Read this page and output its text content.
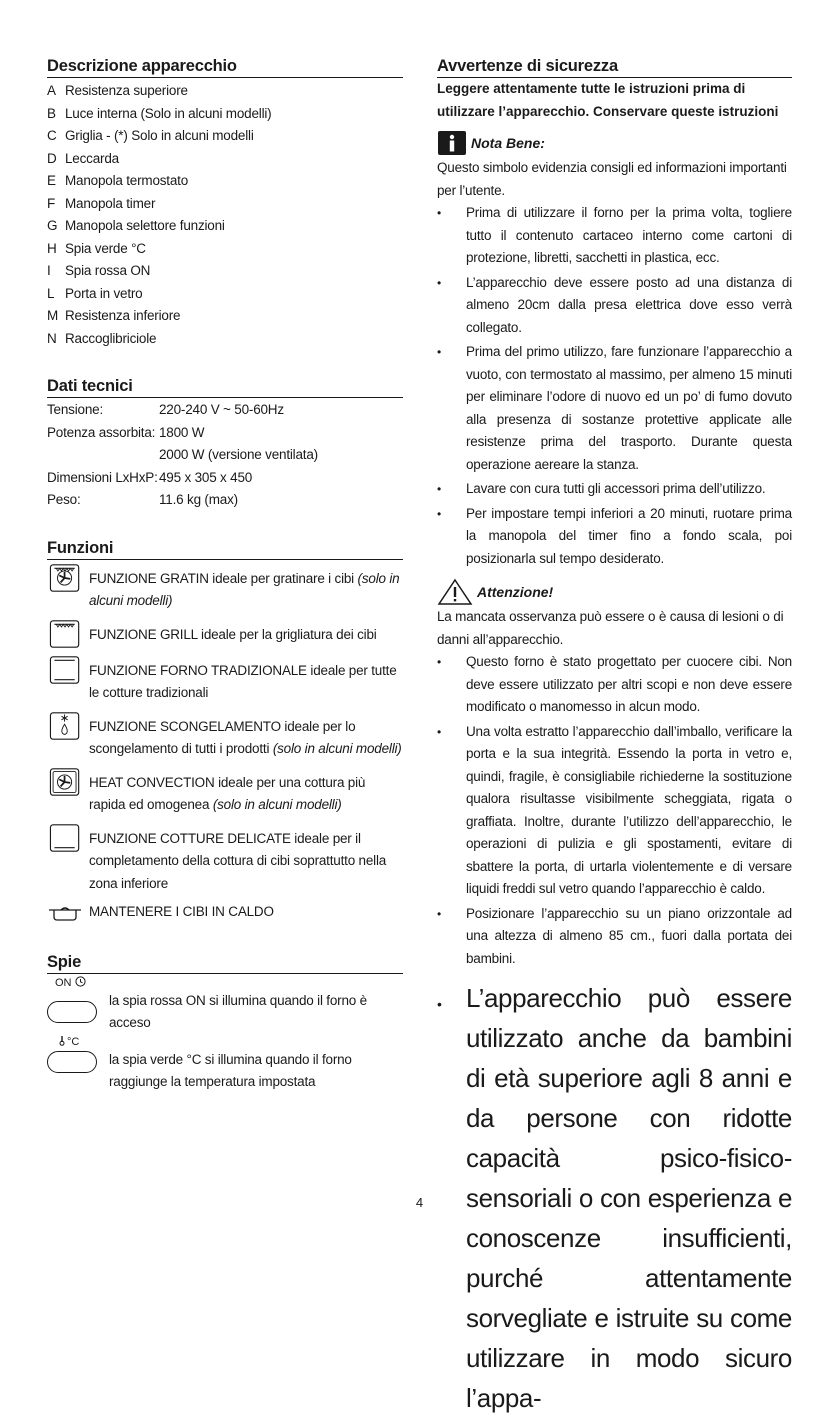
Descrizione apparecchio
A Resistenza superiore
B Luce interna (Solo in alcuni modelli)
C Griglia - (*) Solo in alcuni modelli
D Leccarda
E Manopola termostato
F Manopola timer
G Manopola selettore funzioni
H Spia verde °C
I	Spia rossa ON
L Porta in vetro
M Resistenza inferiore
N Raccoglibriciole
Dati tecnici
Tensione:	220-240 V ~ 50-60Hz
Potenza assorbita: 1800 W
2000 W (versione ventilata)
Dimensioni LxHxP: 495 x 305 x 450
Peso:	11.6 kg (max)
Funzioni
FUNZIONE GRATIN ideale per gratinare i cibi (solo in alcuni modelli)
FUNZIONE GRILL ideale per la grigliatura dei cibi
FUNZIONE FORNO TRADIZIONALE ideale per tutte le cotture tradizionali
FUNZIONE SCONGELAMENTO ideale per lo scongelamento di tutti i prodotti (solo in alcuni modelli)
HEAT CONVECTION ideale per una cottura più rapida ed omogenea (solo in alcuni modelli)
FUNZIONE COTTURE DELICATE ideale per il completamento della cottura di cibi soprattutto nella zona inferiore
MANTENERE I CIBI IN CALDO
Spie
ON
la spia rossa ON si illumina quando il forno è acceso
°C
la spia verde °C si illumina quando il forno raggiunge la temperatura impostata
Avvertenze di sicurezza
Leggere attentamente tutte le istruzioni prima di utilizzare l’apparecchio. Conservare queste istruzioni
Nota Bene:
Questo simbolo evidenzia consigli ed informazioni importanti per l’utente.
• Prima di utilizzare il forno per la prima volta, togliere tutto il contenuto cartaceo interno come cartoni di protezione, libretti, sacchetti in plastica, ecc.
• L’apparecchio deve essere posto ad una distanza di almeno 20cm dalla presa elettrica dove esso verrà collegato.
• Prima del primo utilizzo, fare funzionare l’apparecchio a vuoto, con termostato al massimo, per almeno 15 minuti per eliminare l’odore di nuovo ed un po’ di fumo dovuto alla presenza di sostanze protettive applicate alle resistenze prima del trasporto. Durante questa operazione aereare la stanza.
• Lavare con cura tutti gli accessori prima dell’utilizzo.
• Per impostare tempi inferiori a 20 minuti, ruotare prima la manopola del timer fino a fondo scala, poi posizionarla sul tempo desiderato.
Attenzione!
La mancata osservanza può essere o è causa di lesioni o di danni all’apparecchio.
• Questo forno è stato progettato per cuocere cibi. Non deve essere utilizzato per altri scopi e non deve essere modificato o manomesso in alcun modo.
• Una volta estratto l’apparecchio dall’imballo, verificare la porta e la sua integrità. Essendo la porta in vetro e, quindi, fragile, è consigliabile richiederne la sostituzione qualora risultasse visibilmente scheggiata, rigata o graffiata. Inoltre, durante l’utilizzo dell’apparecchio, le operazioni di pulizia e gli spostamenti, evitare di sbattere la porta, di urtarla violentemente e di versare liquidi freddi sul vetro quando l’apparecchio è caldo.
• Posizionare l’apparecchio su un piano orizzontale ad una altezza di almeno 85 cm., fuori dalla portata dei bambini.
• L’apparecchio può essere utilizzato anche da bambini di età superiore agli 8 anni e da persone con ridotte capacità psico-fisico-sensoriali o con esperienza e conoscenze insufficienti, purché attentamente sorvegliate e istruite su come utilizzare in modo sicuro l’appa-
4
